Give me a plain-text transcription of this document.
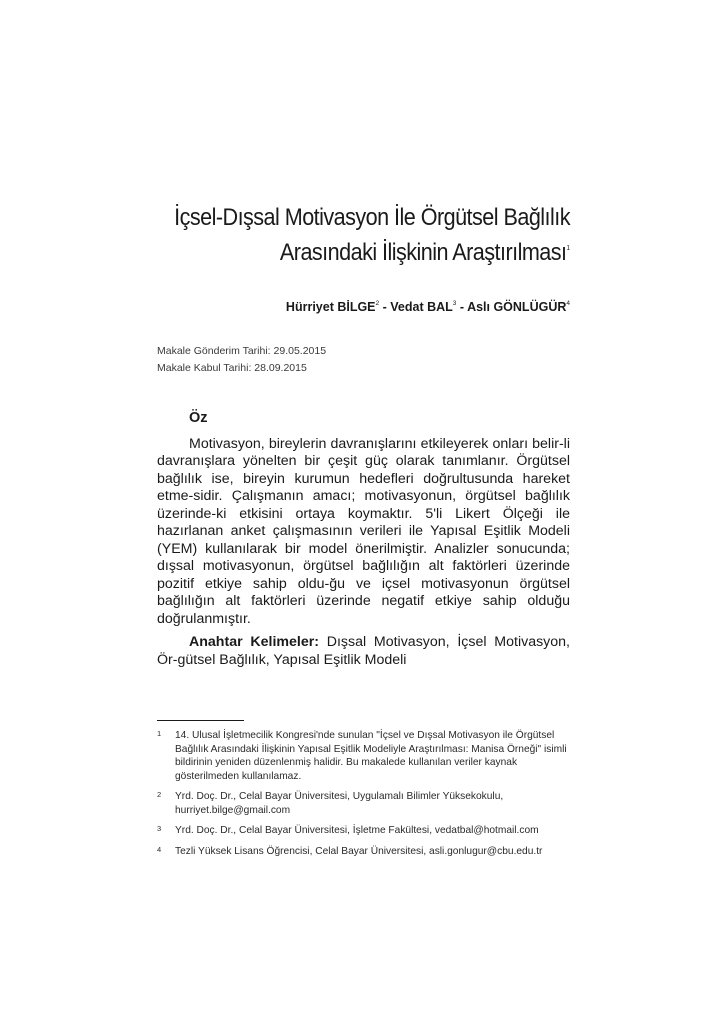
İçsel-Dışsal Motivasyon İle Örgütsel Bağlılık
Arasındaki İlişkinin Araştırılması$^1$
Hürriyet BİLGE$^2$ - Vedat BAL$^3$ - Aslı GÖNLÜGÜR$^4$
Makale Gönderim Tarihi: 29.05.2015
Makale Kabul Tarihi: 28.09.2015
Öz

Motivasyon, bireylerin davranışlarını etkileyerek onları belir-li davranışlara yönelten bir çeşit güç olarak tanımlanır. Örgütsel bağlılık ise, bireyin kurumun hedefleri doğrultusunda hareket etme-sidir. Çalışmanın amacı; motivasyonun, örgütsel bağlılık üzerinde-ki etkisini ortaya koymaktır. 5'li Likert Ölçeği ile hazırlanan anket çalışmasının verileri ile Yapısal Eşitlik Modeli (YEM) kullanılarak bir model önerilmiştir. Analizler sonucunda; dışsal motivasyonun, örgütsel bağlılığın alt faktörleri üzerinde pozitif etkiye sahip oldu-ğu ve içsel motivasyonun örgütsel bağlılığın alt faktörleri üzerinde negatif etkiye sahip olduğu doğrulanmıştır.

Anahtar Kelimeler: Dışsal Motivasyon, İçsel Motivasyon, Ör-gütsel Bağlılık, Yapısal Eşitlik Modeli

1 14. Ulusal İşletmecilik Kongresi'nde sunulan "İçsel ve Dışsal Motivasyon ile Örgütsel Bağlılık Arasındaki İlişkinin Yapısal Eşitlik Modeliyle Araştırılması: Manisa Örneği" isimli bildirinin yeniden düzenlenmiş halidir. Bu makalede kullanılan veriler kaynak gösterilmeden kullanılamaz.
2 Yrd. Doç. Dr., Celal Bayar Üniversitesi, Uygulamalı Bilimler Yüksekokulu, hurriyet.bilge@gmail.com
3 Yrd. Doç. Dr., Celal Bayar Üniversitesi, İşletme Fakültesi, vedatbal@hotmail.com
4 Tezli Yüksek Lisans Öğrencisi, Celal Bayar Üniversitesi, asli.gonlugur@cbu.edu.tr
